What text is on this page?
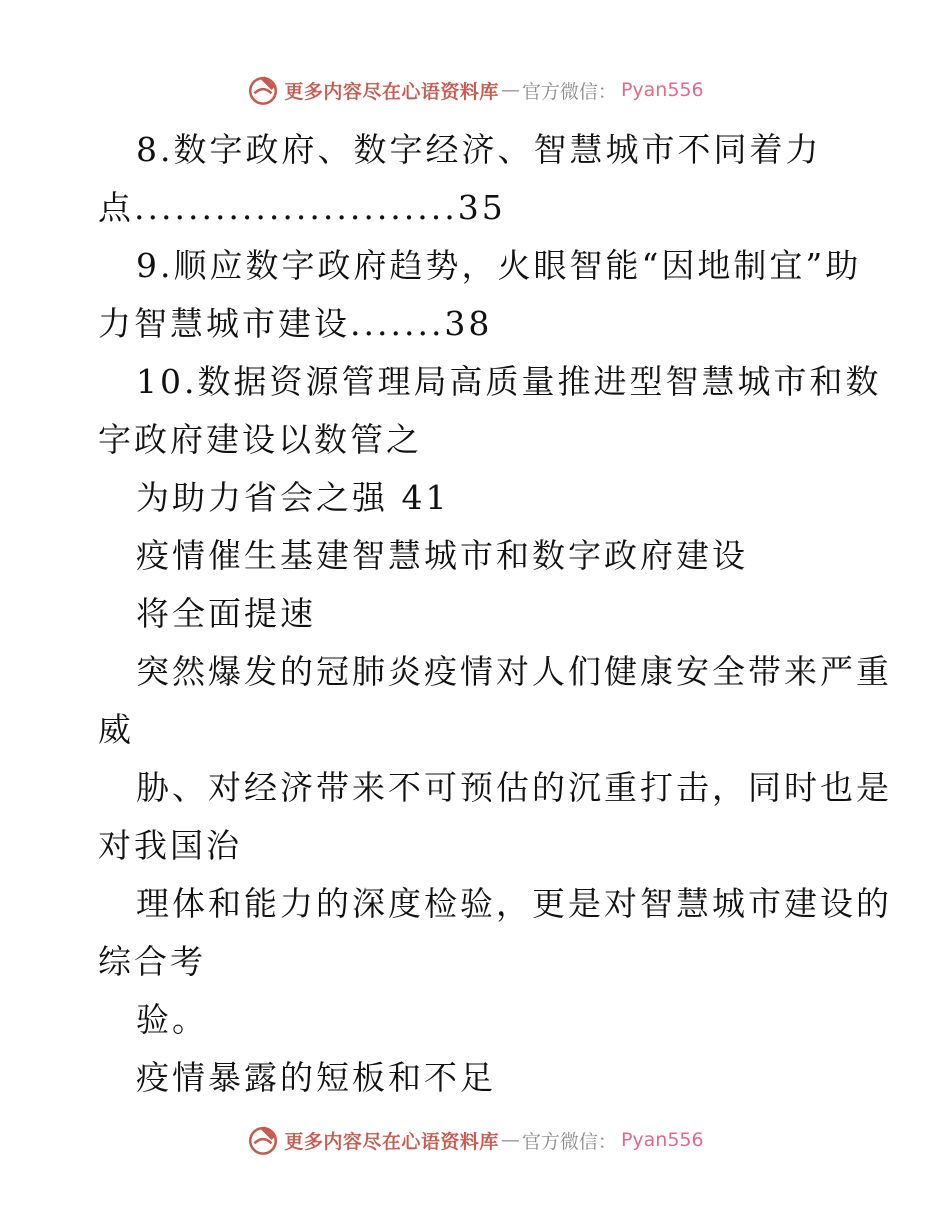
更多内容尽在心语资料库 — 官方微信： Pyan556
8.数字政府、数字经济、智慧城市不同着力
点........................35
9.顺应数字政府趋势，火眼智能“因地制宜”助
力智慧城市建设.......38
10.数据资源管理局高质量推进型智慧城市和数
字政府建设以数管之
为助力省会之强 41
疫情催生基建智慧城市和数字政府建设
将全面提速
突然爆发的冠肺炎疫情对人们健康安全带来严重
威
胁、对经济带来不可预估的沉重打击，同时也是
对我国治
理体和能力的深度检验，更是对智慧城市建设的
综合考
验。
疫情暴露的短板和不足
更多内容尽在心语资料库 — 官方微信： Pyan556
